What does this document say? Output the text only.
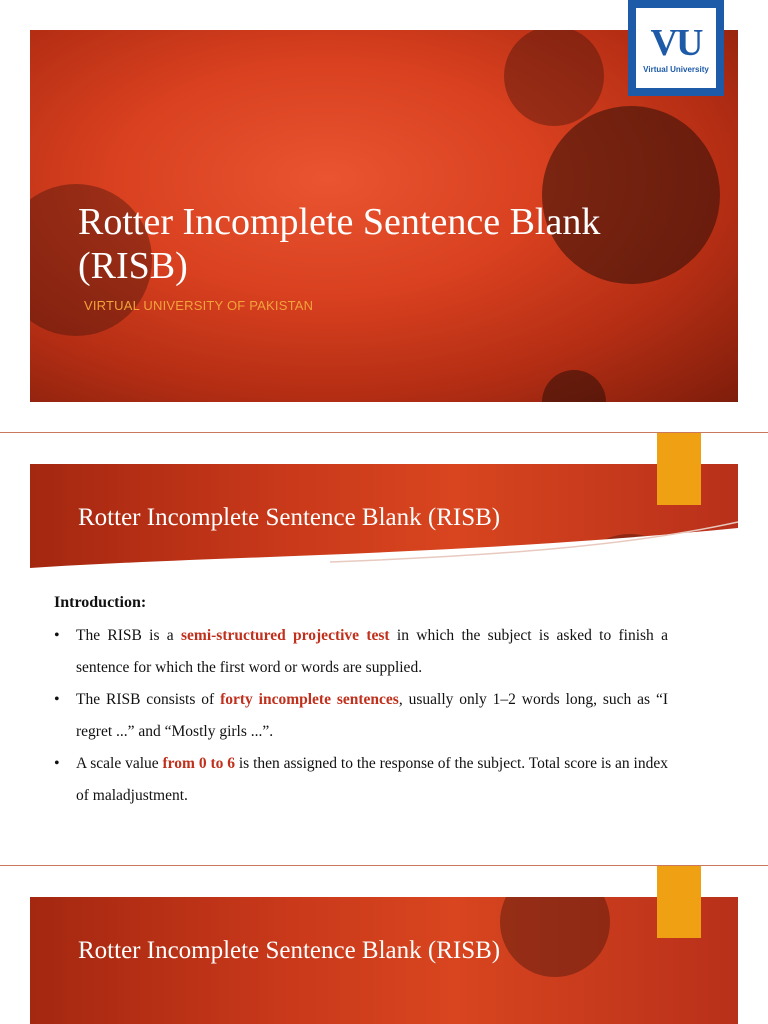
Rotter Incomplete Sentence Blank (RISB)
VIRTUAL UNIVERSITY OF PAKISTAN
VU
Virtual University
Rotter Incomplete Sentence Blank (RISB)
Introduction:
• The RISB is a semi-structured projective test in which the subject is asked to finish a sentence for which the first word or words are supplied.
• The RISB consists of forty incomplete sentences, usually only 1–2 words long, such as “I regret ...” and “Mostly girls ...”.
• A scale value from 0 to 6 is then assigned to the response of the subject. Total score is an index of maladjustment.
Rotter Incomplete Sentence Blank (RISB)
